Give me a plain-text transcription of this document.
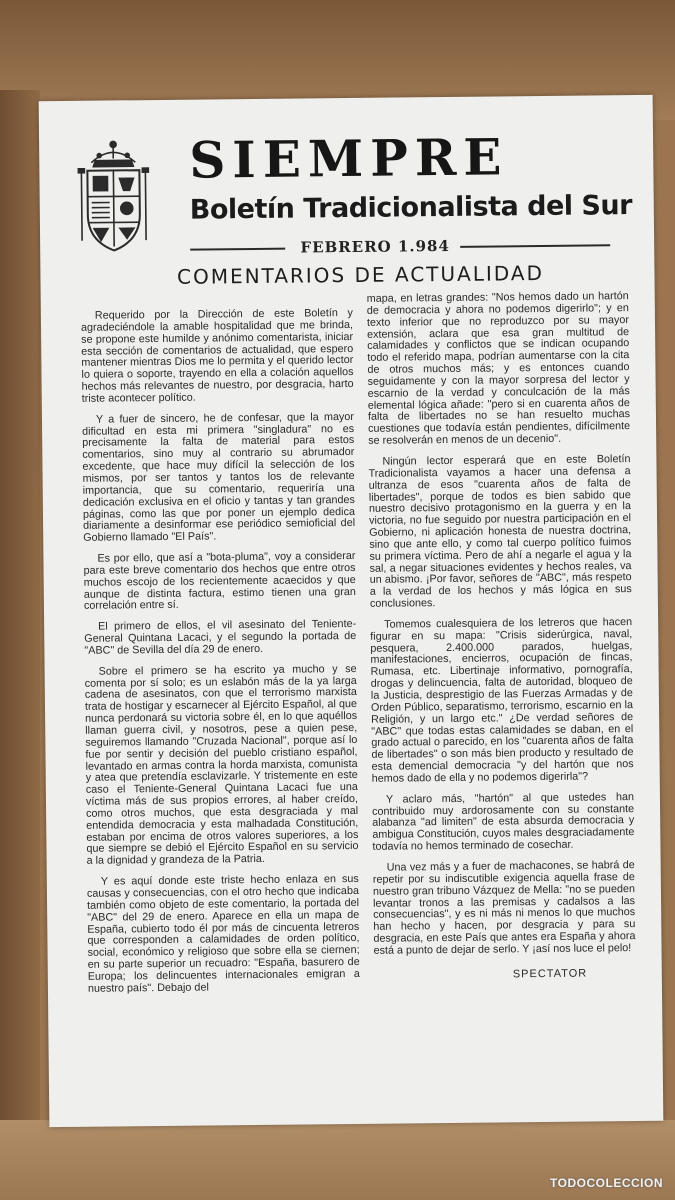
SIEMPRE
Boletín Tradicionalista del Sur
FEBRERO 1.984
COMENTARIOS DE ACTUALIDAD

Requerido por la Dirección de este Boletín y agradeciéndole la amable hospitalidad que me brinda, se propone este humilde y anónimo comentarista, iniciar esta sección de comentarios de actualidad, que espero mantener mientras Dios me lo permita y el querido lector lo quiera o soporte, trayendo en ella a colación aquellos hechos más relevantes de nuestro, por desgracia, harto triste acontecer político.

Y a fuer de sincero, he de confesar, que la mayor dificultad en esta mi primera "singladura" no es precisamente la falta de material para estos comentarios, sino muy al contrario su abrumador excedente, que hace muy difícil la selección de los mismos, por ser tantos y tantos los de relevante importancia, que su comentario, requeriría una dedicación exclusiva en el oficio y tantas y tan grandes páginas, como las que por poner un ejemplo dedica diariamente a desinformar ese periódico semioficial del Gobierno llamado "El País".

Es por ello, que así a "bota-pluma", voy a considerar para este breve comentario dos hechos que entre otros muchos escojo de los recientemente acaecidos y que aunque de distinta factura, estimo tienen una gran correlación entre sí.

El primero de ellos, el vil asesinato del Teniente-General Quintana Lacaci, y el segundo la portada de "ABC" de Sevilla del día 29 de enero.

Sobre el primero se ha escrito ya mucho y se comenta por sí solo; es un eslabón más de la ya larga cadena de asesinatos, con que el terrorismo marxista trata de hostigar y escarnecer al Ejército Español, al que nunca perdonará su victoria sobre él, en lo que aquéllos llaman guerra civil, y nosotros, pese a quien pese, seguiremos llamando "Cruzada Nacional", porque así lo fue por sentir y decisión del pueblo cristiano español, levantado en armas contra la horda marxista, comunista y atea que pretendía esclavizarle. Y tristemente en este caso el Teniente-General Quintana Lacaci fue una víctima más de sus propios errores, al haber creído, como otros muchos, que esta desgraciada y mal entendida democracia y esta malhadada Constitución, estaban por encima de otros valores superiores, a los que siempre se debió el Ejército Español en su servicio a la dignidad y grandeza de la Patria.

Y es aquí donde este triste hecho enlaza en sus causas y consecuencias, con el otro hecho que indicaba también como objeto de este comentario, la portada del "ABC" del 29 de enero. Aparece en ella un mapa de España, cubierto todo él por más de cincuenta letreros que corresponden a calamidades de orden político, social, económico y religioso que sobre ella se ciernen; en su parte superior un recuadro: "España, basurero de Europa; los delincuentes internacionales emigran a nuestro país". Debajo del

mapa, en letras grandes: "Nos hemos dado un hartón de democracia y ahora no podemos digerirlo"; y en texto inferior que no reproduzco por su mayor extensión, aclara que esa gran multitud de calamidades y conflictos que se indican ocupando todo el referido mapa, podrían aumentarse con la cita de otros muchos más; y es entonces cuando seguidamente y con la mayor sorpresa del lector y escarnio de la verdad y conculcación de la más elemental lógica añade: "pero si en cuarenta años de falta de libertades no se han resuelto muchas cuestiones que todavía están pendientes, difícilmente se resolverán en menos de un decenio".

Ningún lector esperará que en este Boletín Tradicionalista vayamos a hacer una defensa a ultranza de esos "cuarenta años de falta de libertades", porque de todos es bien sabido que nuestro decisivo protagonismo en la guerra y en la victoria, no fue seguido por nuestra participación en el Gobierno, ni aplicación honesta de nuestra doctrina, sino que ante ello, y como tal cuerpo político fuimos su primera víctima. Pero de ahí a negarle el agua y la sal, a negar situaciones evidentes y hechos reales, va un abismo. ¡Por favor, señores de "ABC", más respeto a la verdad de los hechos y más lógica en sus conclusiones.

Tomemos cualesquiera de los letreros que hacen figurar en su mapa: "Crisis siderúrgica, naval, pesquera, 2.400.000 parados, huelgas, manifestaciones, encierros, ocupación de fincas, Rumasa, etc. Libertinaje informativo, pornografía, drogas y delincuencia, falta de autoridad, bloqueo de la Justicia, desprestigio de las Fuerzas Armadas y de Orden Público, separatismo, terrorismo, escarnio en la Religión, y un largo etc." ¿De verdad señores de "ABC" que todas estas calamidades se daban, en el grado actual o parecido, en los "cuarenta años de falta de libertades" o son más bien producto y resultado de esta demencial democracia "y del hartón que nos hemos dado de ella y no podemos digerirla"?

Y aclaro más, "hartón" al que ustedes han contribuido muy ardorosamente con su constante alabanza "ad limiten" de esta absurda democracia y ambigua Constitución, cuyos males desgraciadamente todavía no hemos terminado de cosechar.

Una vez más y a fuer de machacones, se habrá de repetir por su indiscutible exigencia aquella frase de nuestro gran tribuno Vázquez de Mella: "no se pueden levantar tronos a las premisas y cadalsos a las consecuencias", y es ni más ni menos lo que muchos han hecho y hacen, por desgracia y para su desgracia, en este País que antes era España y ahora está a punto de dejar de serlo. Y ¡así nos luce el pelo!

SPECTATOR
TODOCOLECCION
